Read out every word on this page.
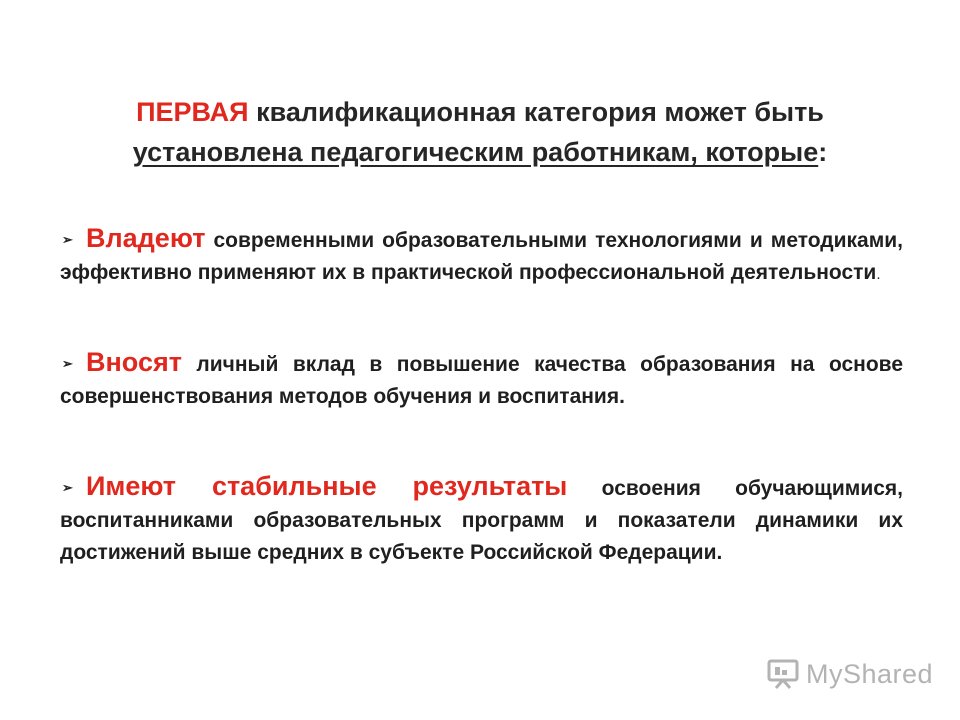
ПЕРВАЯ квалификационная категория может быть
установлена педагогическим работникам, которые:
➢ Владеют современными образовательными технологиями и методиками, эффективно применяют их в практической профессиональной деятельности.
➢ Вносят личный вклад в повышение качества образования на основе совершенствования методов обучения и воспитания.
➢ Имеют стабильные результаты освоения обучающимися, воспитанниками образовательных программ и показатели динамики их достижений выше средних в субъекте Российской Федерации.
MyShared
